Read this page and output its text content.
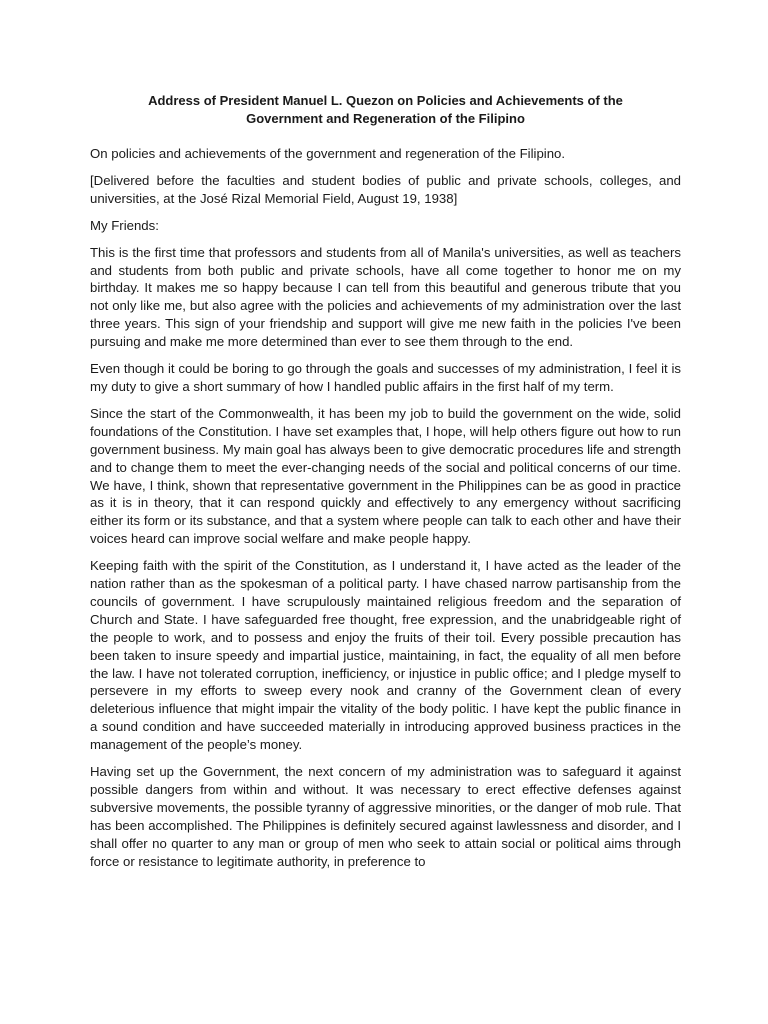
Address of President Manuel L. Quezon on Policies and Achievements of the Government and Regeneration of the Filipino

On policies and achievements of the government and regeneration of the Filipino.

[Delivered before the faculties and student bodies of public and private schools, colleges, and universities, at the José Rizal Memorial Field, August 19, 1938]

My Friends:

This is the first time that professors and students from all of Manila's universities, as well as teachers and students from both public and private schools, have all come together to honor me on my birthday. It makes me so happy because I can tell from this beautiful and generous tribute that you not only like me, but also agree with the policies and achievements of my administration over the last three years. This sign of your friendship and support will give me new faith in the policies I've been pursuing and make me more determined than ever to see them through to the end.

Even though it could be boring to go through the goals and successes of my administration, I feel it is my duty to give a short summary of how I handled public affairs in the first half of my term.

Since the start of the Commonwealth, it has been my job to build the government on the wide, solid foundations of the Constitution. I have set examples that, I hope, will help others figure out how to run government business. My main goal has always been to give democratic procedures life and strength and to change them to meet the ever-changing needs of the social and political concerns of our time. We have, I think, shown that representative government in the Philippines can be as good in practice as it is in theory, that it can respond quickly and effectively to any emergency without sacrificing either its form or its substance, and that a system where people can talk to each other and have their voices heard can improve social welfare and make people happy.

Keeping faith with the spirit of the Constitution, as I understand it, I have acted as the leader of the nation rather than as the spokesman of a political party. I have chased narrow partisanship from the councils of government. I have scrupulously maintained religious freedom and the separation of Church and State. I have safeguarded free thought, free expression, and the unabridgeable right of the people to work, and to possess and enjoy the fruits of their toil. Every possible precaution has been taken to insure speedy and impartial justice, maintaining, in fact, the equality of all men before the law. I have not tolerated corruption, inefficiency, or injustice in public office; and I pledge myself to persevere in my efforts to sweep every nook and cranny of the Government clean of every deleterious influence that might impair the vitality of the body politic. I have kept the public finance in a sound condition and have succeeded materially in introducing approved business practices in the management of the people’s money.

Having set up the Government, the next concern of my administration was to safeguard it against possible dangers from within and without. It was necessary to erect effective defenses against subversive movements, the possible tyranny of aggressive minorities, or the danger of mob rule. That has been accomplished. The Philippines is definitely secured against lawlessness and disorder, and I shall offer no quarter to any man or group of men who seek to attain social or political aims through force or resistance to legitimate authority, in preference to
